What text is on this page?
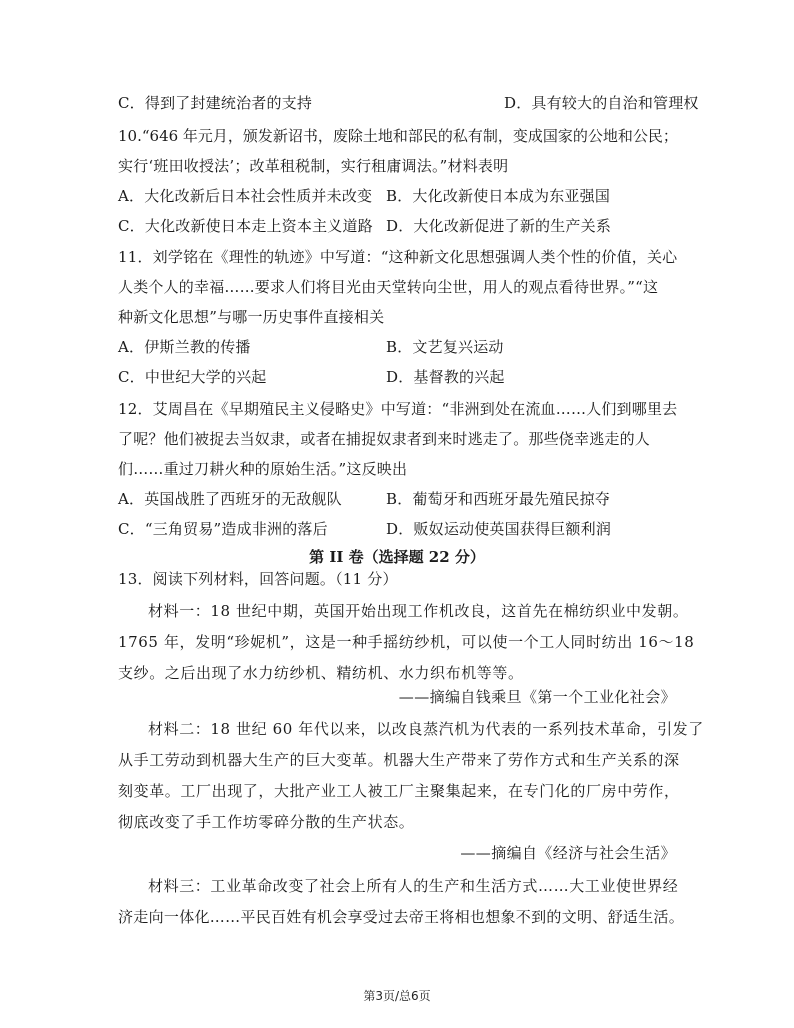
C．得到了封建统治者的支持	D．具有较大的自治和管理权
10.“646 年元月，颁发新诏书，废除土地和部民的私有制，变成国家的公地和公民；
实行‘班田收授法’；改革租税制，实行租庸调法。”材料表明
A．大化改新后日本社会性质并未改变 B．大化改新使日本成为东亚强国
C．大化改新使日本走上资本主义道路 D．大化改新促进了新的生产关系
11．刘学铭在《理性的轨迹》中写道：“这种新文化思想强调人类个性的价值，关心
人类个人的幸福……要求人们将目光由天堂转向尘世，用人的观点看待世界。”“这
种新文化思想”与哪一历史事件直接相关
A．伊斯兰教的传播	B．文艺复兴运动
C．中世纪大学的兴起	D．基督教的兴起
12．艾周昌在《早期殖民主义侵略史》中写道：“非洲到处在流血……人们到哪里去
了呢？他们被捉去当奴隶，或者在捕捉奴隶者到来时逃走了。那些侥幸逃走的人
们……重过刀耕火种的原始生活。”这反映出
A．英国战胜了西班牙的无敌舰队	B．葡萄牙和西班牙最先殖民掠夺
C．“三角贸易”造成非洲的落后	D．贩奴运动使英国获得巨额利润
第 II 卷（选择题 22 分）
13．阅读下列材料，回答问题。（11 分）
材料一：18 世纪中期，英国开始出现工作机改良，这首先在棉纺织业中发朝。
1765 年，发明“珍妮机”，这是一种手摇纺纱机，可以使一个工人同时纺出 16～18
支纱。之后出现了水力纺纱机、精纺机、水力织布机等等。
——摘编自钱乘旦《第一个工业化社会》
材料二：18 世纪 60 年代以来，以改良蒸汽机为代表的一系列技术革命，引发了
从手工劳动到机器大生产的巨大变革。机器大生产带来了劳作方式和生产关系的深
刻变革。工厂出现了，大批产业工人被工厂主聚集起来，在专门化的厂房中劳作，
彻底改变了手工作坊零碎分散的生产状态。
——摘编自《经济与社会生活》
材料三：工业革命改变了社会上所有人的生产和生活方式……大工业使世界经
济走向一体化……平民百姓有机会享受过去帝王将相也想象不到的文明、舒适生活。
第3页/总6页
